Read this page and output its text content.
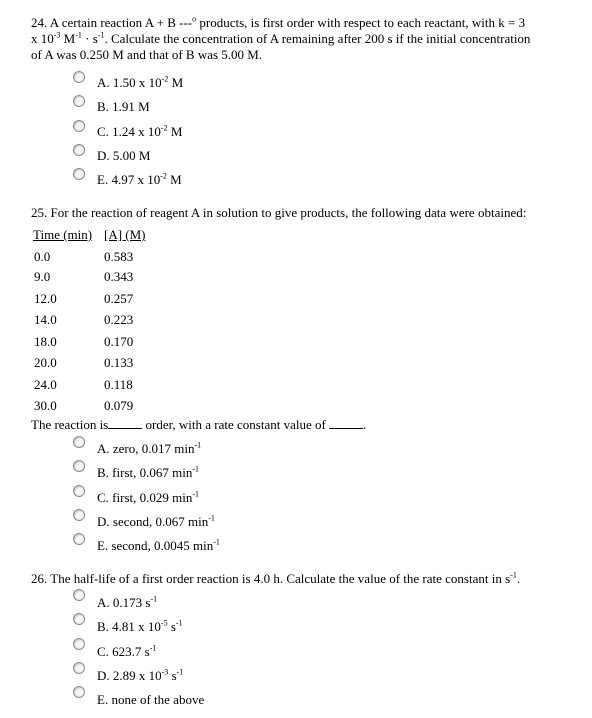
24. A certain reaction A + B ---$^o$ products, is first order with respect to each reactant, with k = 3
x $10^{-3}$ $M^{-1} \cdot s^{-1}$. Calculate the concentration of A remaining after 200 s if the initial concentration
of A was 0.250 M and that of B was 5.00 M.
A. 1.50 x $10^{-2}$ M
B. 1.91 M
C. 1.24 x $10^{-2}$ M
D. 5.00 M
E. 4.97 x $10^{-2}$ M
25. For the reaction of reagent A in solution to give products, the following data were obtained:
Time (min) [A] (M)
0.0	0.583
9.0	0.343
12.0	0.257
14.0	0.223
18.0	0.170
20.0	0.133
24.0	0.118
30.0	0.079
The reaction is	order, with a rate constant value of	.
A. zero, 0.017 $\min^{-1}$
B. first, 0.067 $\min^{-1}$
C. first, 0.029 $\min^{-1}$
D. second, 0.067 $\min^{-1}$
E. second, 0.0045 $\min^{-1}$
26. The half-life of a first order reaction is 4.0 h. Calculate the value of the rate constant in $s^{-1}$.
A. 0.173 $s^{-1}$
B. 4.81 x $10^{-5}$ $s^{-1}$
C. 623.7 $s^{-1}$
D. 2.89 x $10^{-3}$ $s^{-1}$
E. none of the above
